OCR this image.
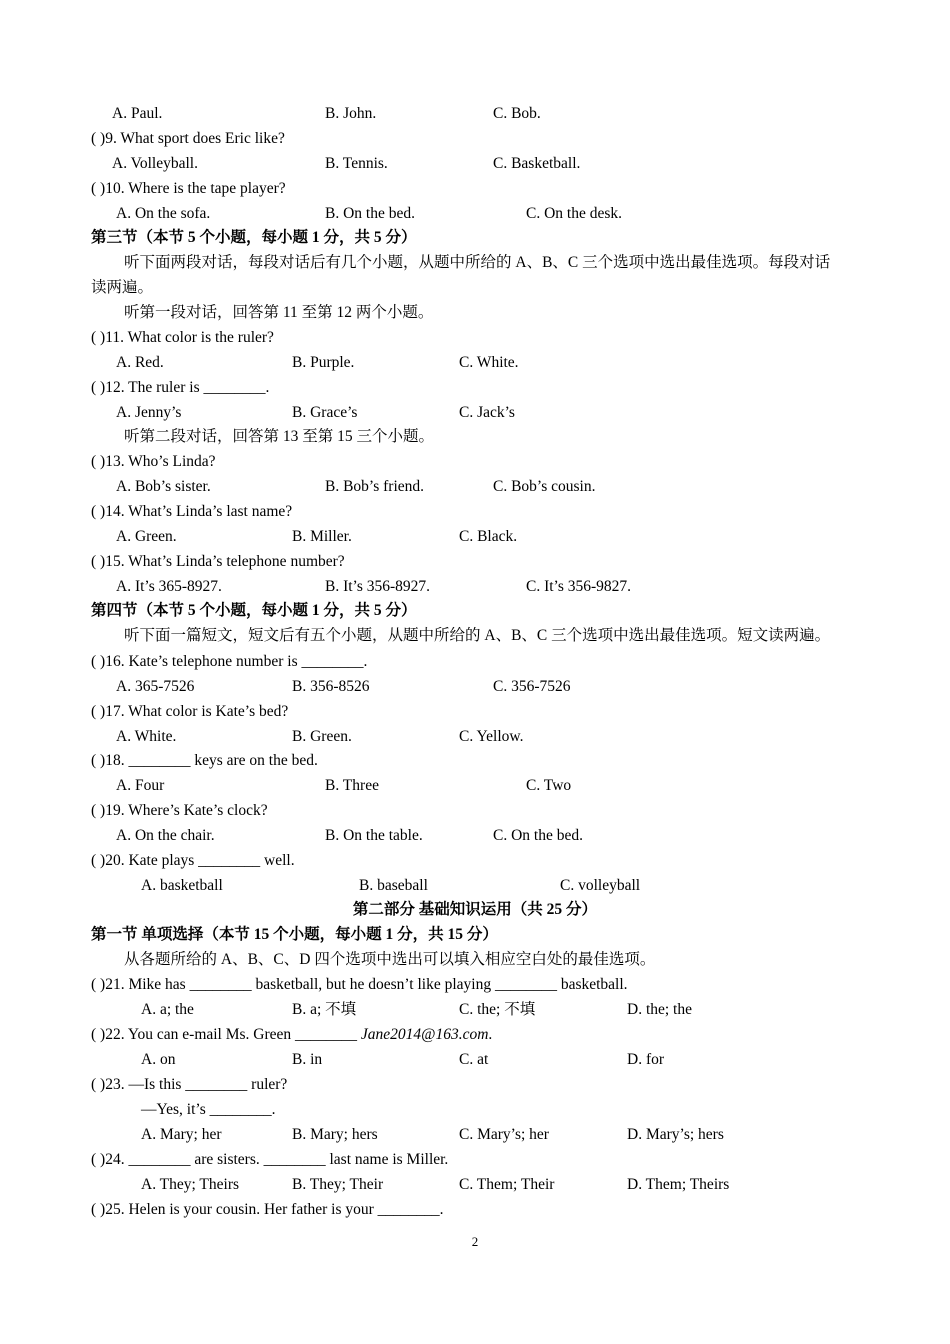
A. Paul.	B. John.	C. Bob.
( )9. What sport does Eric like?
A. Volleyball.	B. Tennis.	C. Basketball.
( )10. Where is the tape player?
A. On the sofa.	B. On the bed.	C. On the desk.
第三节（本节 5 个小题，每小题 1 分，共 5 分）
听下面两段对话，每段对话后有几个小题，从题中所给的 A、B、C 三个选项中选出最佳选项。每段对话
读两遍。
听第一段对话，回答第 11 至第 12 两个小题。
( )11. What color is the ruler?
A. Red.	B. Purple.	C. White.
( )12. The ruler is ________.
A. Jenny’s	B. Grace’s	C. Jack’s
听第二段对话，回答第 13 至第 15 三个小题。
( )13. Who’s Linda?
A. Bob’s sister.	B. Bob’s friend.	C. Bob’s cousin.
( )14. What’s Linda’s last name?
A. Green.	B. Miller.	C. Black.
( )15. What’s Linda’s telephone number?
A. It’s 365-8927.	B. It’s 356-8927.	C. It’s 356-9827.
第四节（本节 5 个小题，每小题 1 分，共 5 分）
听下面一篇短文，短文后有五个小题，从题中所给的 A、B、C 三个选项中选出最佳选项。短文读两遍。
( )16. Kate’s telephone number is ________.
A. 365-7526	B. 356-8526	C. 356-7526
( )17. What color is Kate’s bed?
A. White.	B. Green.	C. Yellow.
( )18. ________ keys are on the bed.
A. Four	B. Three	C. Two
( )19. Where’s Kate’s clock?
A. On the chair.	B. On the table.	C. On the bed.
( )20. Kate plays ________ well.
A. basketball	B. baseball	C. volleyball
第二部分 基础知识运用（共 25 分）
第一节 单项选择（本节 15 个小题，每小题 1 分，共 15 分）
从各题所给的 A、B、C、D 四个选项中选出可以填入相应空白处的最佳选项。
( )21. Mike has ________ basketball, but he doesn’t like playing ________ basketball.
A. a; the	B. a; 不填	C. the; 不填	D. the; the
( )22. You can e-mail Ms. Green ________ Jane2014@163.com.
A. on	B. in	C. at	D. for
( )23. —Is this ________ ruler?
—Yes, it’s ________.
A. Mary; her	B. Mary; hers	C. Mary’s; her	D. Mary’s; hers
( )24. ________ are sisters. ________ last name is Miller.
A. They; Theirs	B. They; Their	C. Them; Their	D. Them; Theirs
( )25. Helen is your cousin. Her father is your ________.
2
